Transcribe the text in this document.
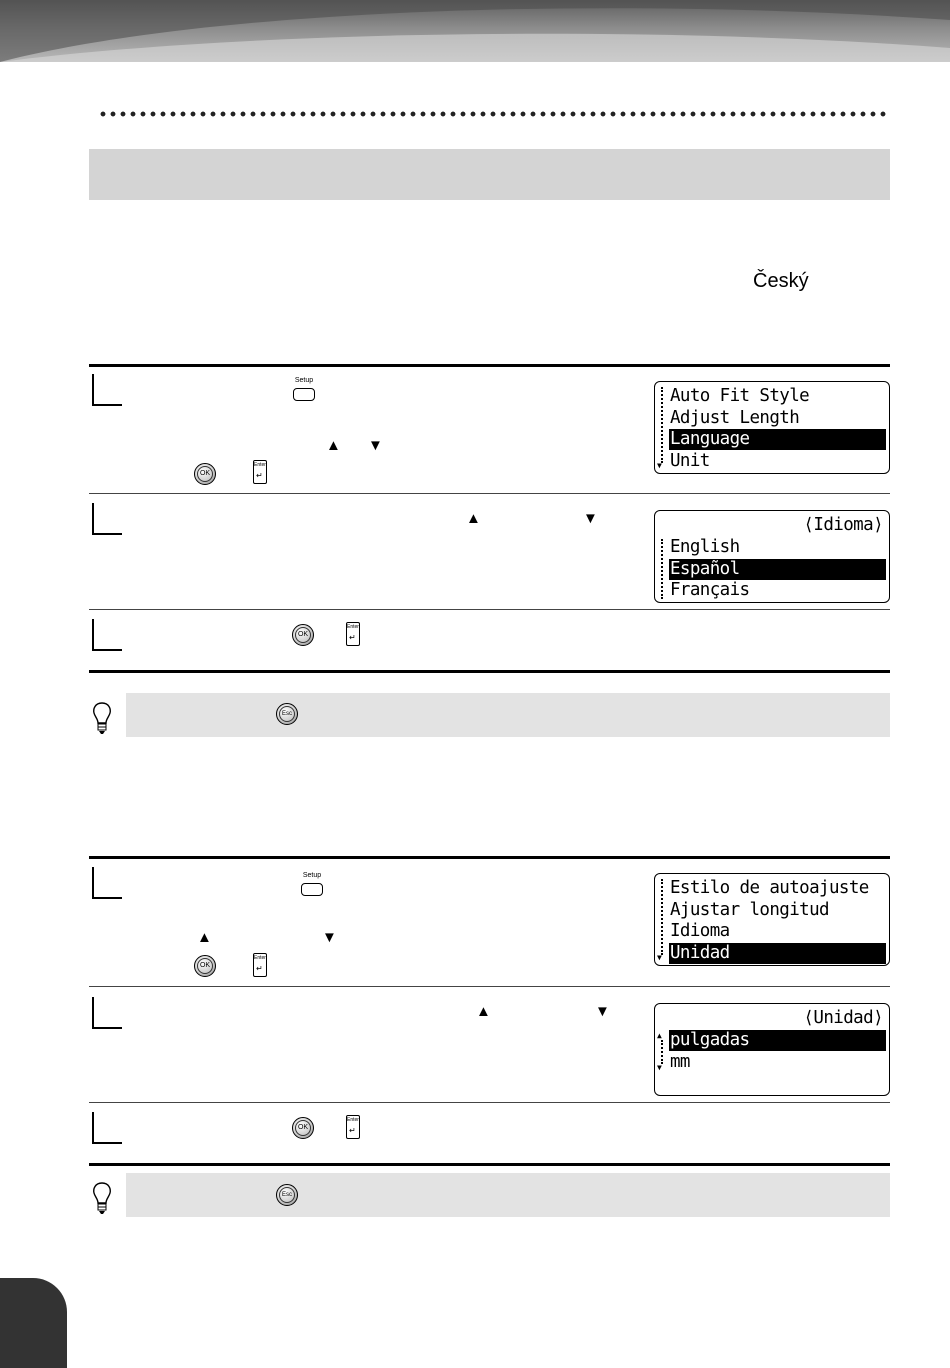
Český
Setup
▲ ▼
OK
Enter
↵
▼
Auto Fit Style
Adjust Length
Language
Unit
▲	▼	⟨Idioma⟩
English
Español
Français
OK
Enter
↵
Esc
Setup
▲	▼
OK
Enter
↵
▼
Estilo de autoajuste
Ajustar longitud
Idioma
Unidad
▲	▼	⟨Unidad⟩
▲
▼
pulgadas
mm
OK
Enter
↵
Esc
